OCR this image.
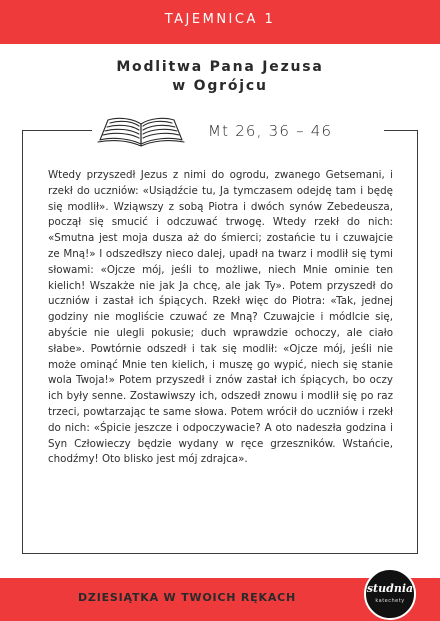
TAJEMNICA 1
Modlitwa Pana Jezusa
w Ogrójcu
Mt 26, 36 – 46

Wtedy przyszedł Jezus z nimi do ogrodu, zwanego Getsemani, i rzekł do uczniów: «Usiądźcie tu, Ja tymczasem odejdę tam i będę się modlił». Wziąwszy z sobą Piotra i dwóch synów Zebedeusza, począł się smucić i odczuwać trwogę. Wtedy rzekł do nich: «Smutna jest moja dusza aż do śmierci; zostańcie tu i czuwajcie ze Mną!» I odszedłszy nieco dalej, upadł na twarz i modlił się tymi słowami: «Ojcze mój, jeśli to możliwe, niech Mnie ominie ten kielich! Wszakże nie jak Ja chcę, ale jak Ty». Potem przyszedł do uczniów i zastał ich śpiących. Rzekł więc do Piotra: «Tak, jednej godziny nie mogliście czuwać ze Mną? Czuwajcie i módlcie się, abyście nie ulegli pokusie; duch wprawdzie ochoczy, ale ciało słabe». Powtórnie odszedł i tak się modlił: «Ojcze mój, jeśli nie może ominąć Mnie ten kielich, i muszę go wypić, niech się stanie wola Twoja!» Potem przyszedł i znów zastał ich śpiących, bo oczy ich były senne. Zostawiwszy ich, odszedł znowu i modlił się po raz trzeci, powtarzając te same słowa. Potem wrócił do uczniów i rzekł do nich: «Śpicie jeszcze i odpoczywacie? A oto nadeszła godzina i Syn Człowieczy będzie wydany w ręce grzeszników. Wstańcie, chodźmy! Oto blisko jest mój zdrajca».

DZIESIĄTKA W TWOICH RĘKACH
studnia
katechety
